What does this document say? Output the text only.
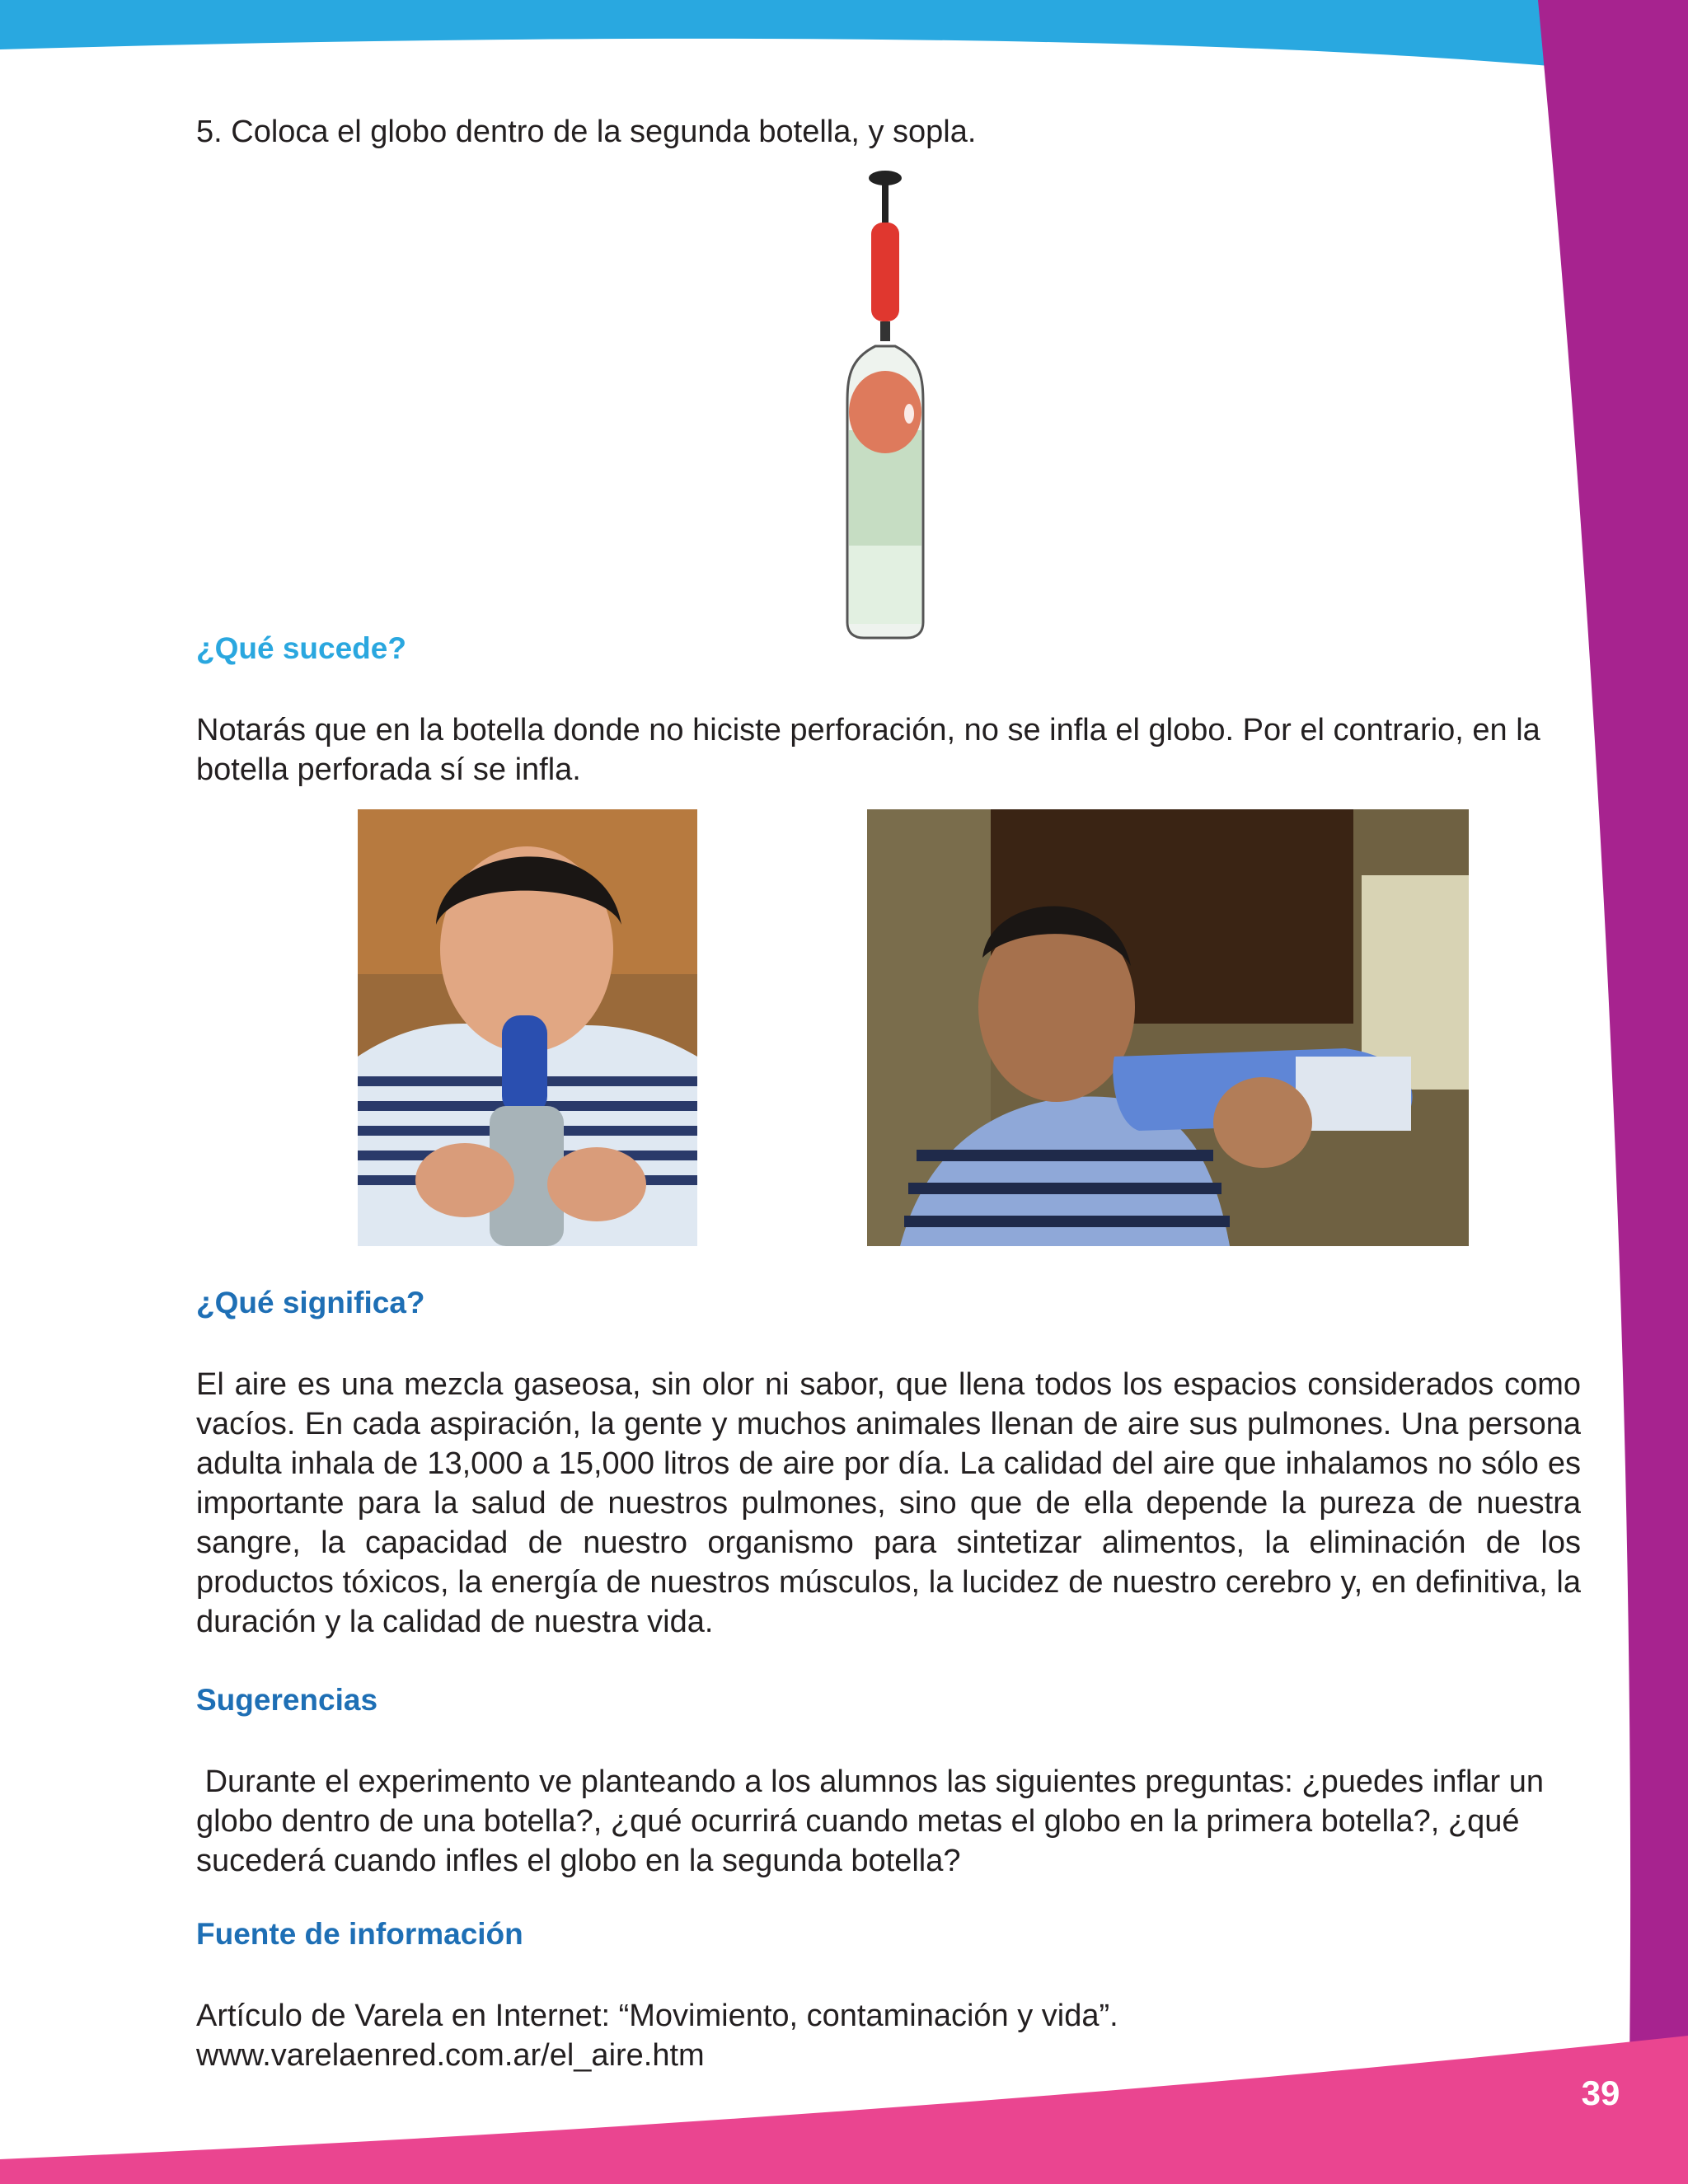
5. Coloca el globo dentro de la segunda botella, y sopla.

¿Qué sucede?

Notarás que en la botella donde no hiciste perforación, no se infla el globo. Por el contrario, en la botella perforada sí se infla.

¿Qué significa?

El aire es una mezcla gaseosa, sin olor ni sabor, que llena todos los espacios considerados como vacíos. En cada aspiración, la gente y muchos animales llenan de aire sus pulmones. Una persona adulta inhala de 13,000 a 15,000 litros de aire por día. La calidad del aire que inhalamos no sólo es importante para la salud de nuestros pulmones, sino que de ella depende la pureza de nuestra sangre, la capacidad de nuestro organismo para sintetizar alimentos, la eliminación de los productos tóxicos, la energía de nuestros músculos, la lucidez de nuestro cerebro y, en definitiva, la duración y la calidad de nuestra vida.

Sugerencias

Durante el experimento ve planteando a los alumnos las siguientes preguntas: ¿puedes inflar un globo dentro de una botella?, ¿qué ocurrirá cuando metas el globo en la primera botella?, ¿qué sucederá cuando infles el globo en la segunda botella?

Fuente de información

Artículo de Varela en Internet: “Movimiento, contaminación y vida”.

www.varelaenred.com.ar/el_aire.htm

39
